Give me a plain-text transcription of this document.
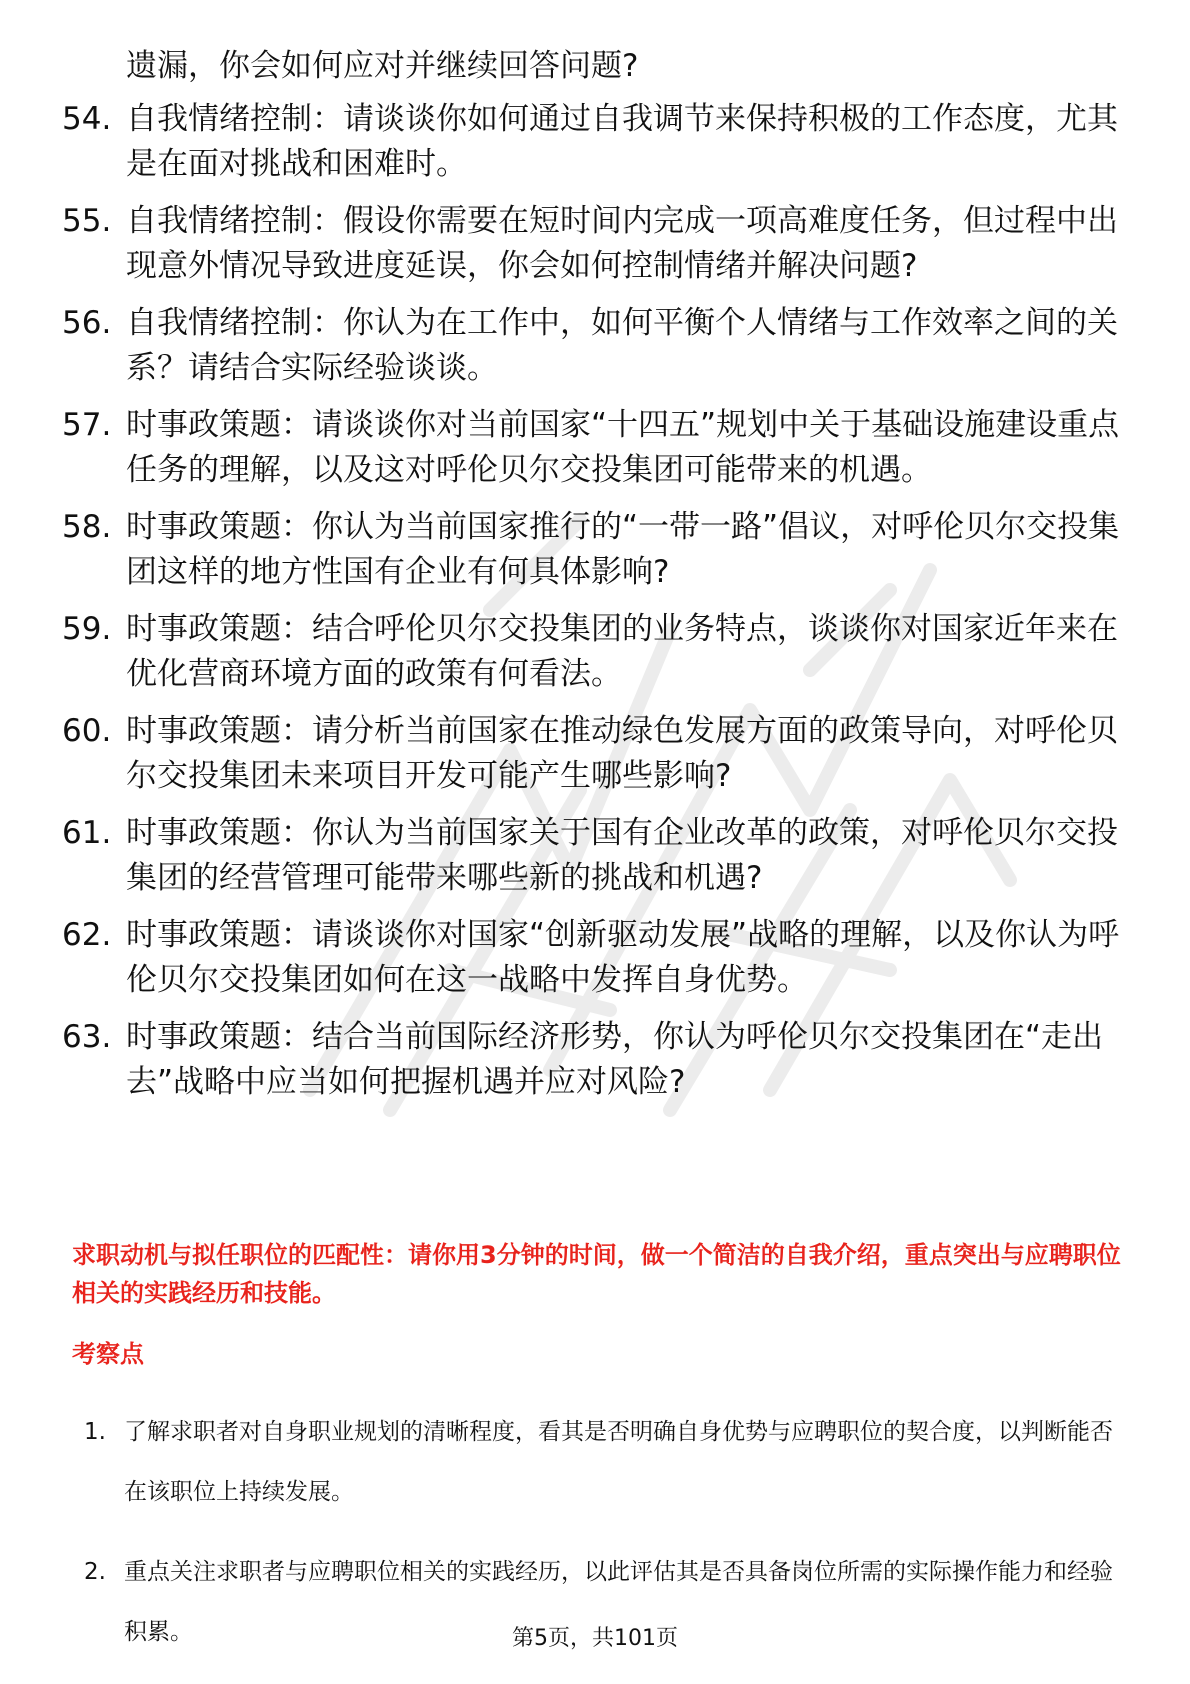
遗漏，你会如何应对并继续回答问题?
54. 自我情绪控制：请谈谈你如何通过自我调节来保持积极的工作态度，尤其是在面对挑战和困难时。
55. 自我情绪控制：假设你需要在短时间内完成一项高难度任务，但过程中出现意外情况导致进度延误，你会如何控制情绪并解决问题?
56. 自我情绪控制：你认为在工作中，如何平衡个人情绪与工作效率之间的关系？请结合实际经验谈谈。
57. 时事政策题：请谈谈你对当前国家“十四五”规划中关于基础设施建设重点任务的理解，以及这对呼伦贝尔交投集团可能带来的机遇。
58. 时事政策题：你认为当前国家推行的“一带一路”倡议，对呼伦贝尔交投集团这样的地方性国有企业有何具体影响?
59. 时事政策题：结合呼伦贝尔交投集团的业务特点，谈谈你对国家近年来在优化营商环境方面的政策有何看法。
60. 时事政策题：请分析当前国家在推动绿色发展方面的政策导向，对呼伦贝尔交投集团未来项目开发可能产生哪些影响?
61. 时事政策题：你认为当前国家关于国有企业改革的政策，对呼伦贝尔交投集团的经营管理可能带来哪些新的挑战和机遇?
62. 时事政策题：请谈谈你对国家“创新驱动发展”战略的理解，以及你认为呼伦贝尔交投集团如何在这一战略中发挥自身优势。
63. 时事政策题：结合当前国际经济形势，你认为呼伦贝尔交投集团在“走出去”战略中应当如何把握机遇并应对风险?

求职动机与拟任职位的匹配性：请你用3分钟的时间，做一个简洁的自我介绍，重点突出与应聘职位相关的实践经历和技能。

考察点

1. 了解求职者对自身职业规划的清晰程度，看其是否明确自身优势与应聘职位的契合度，以判断能否在该职位上持续发展。
2. 重点关注求职者与应聘职位相关的实践经历，以此评估其是否具备岗位所需的实际操作能力和经验积累。	第5页，共101页
